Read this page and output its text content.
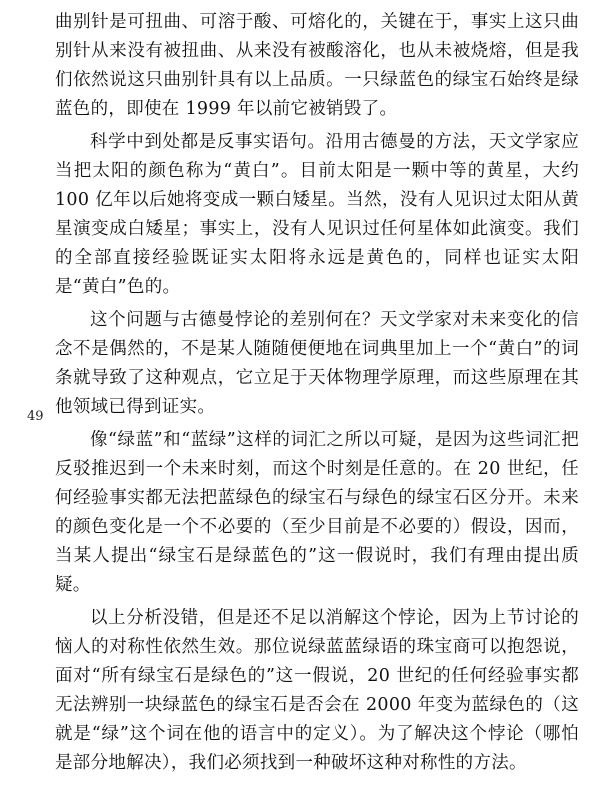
49

曲别针是可扭曲、可溶于酸、可熔化的，关键在于，事实上这只曲别针从来没有被扭曲、从来没有被酸溶化，也从未被烧熔，但是我们依然说这只曲别针具有以上品质。一只绿蓝色的绿宝石始终是绿蓝色的，即使在 1999 年以前它被销毁了。

科学中到处都是反事实语句。沿用古德曼的方法，天文学家应当把太阳的颜色称为“黄白”。目前太阳是一颗中等的黄星，大约 100 亿年以后她将变成一颗白矮星。当然，没有人见识过太阳从黄星演变成白矮星；事实上，没有人见识过任何星体如此演变。我们的全部直接经验既证实太阳将永远是黄色的，同样也证实太阳是“黄白”色的。

这个问题与古德曼悖论的差别何在？天文学家对未来变化的信念不是偶然的，不是某人随随便便地在词典里加上一个“黄白”的词条就导致了这种观点，它立足于天体物理学原理，而这些原理在其他领域已得到证实。

像“绿蓝”和“蓝绿”这样的词汇之所以可疑，是因为这些词汇把反驳推迟到一个未来时刻，而这个时刻是任意的。在 20 世纪，任何经验事实都无法把蓝绿色的绿宝石与绿色的绿宝石区分开。未来的颜色变化是一个不必要的（至少目前是不必要的）假设，因而，当某人提出“绿宝石是绿蓝色的”这一假说时，我们有理由提出质疑。

以上分析没错，但是还不足以消解这个悖论，因为上节讨论的恼人的对称性依然生效。那位说绿蓝蓝绿语的珠宝商可以抱怨说，面对“所有绿宝石是绿色的”这一假说，20 世纪的任何经验事实都无法辨别一块绿蓝色的绿宝石是否会在 2000 年变为蓝绿色的（这就是“绿”这个词在他的语言中的定义）。为了解决这个悖论（哪怕是部分地解决），我们必须找到一种破坏这种对称性的方法。
